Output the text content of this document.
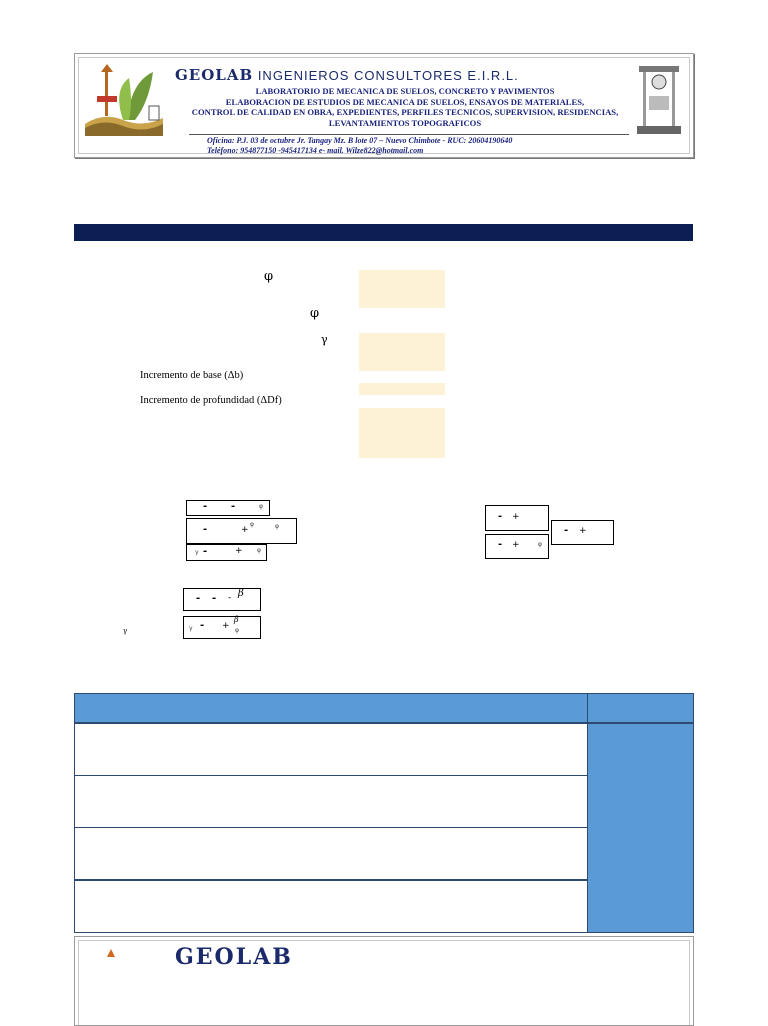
GEOLAB INGENIEROS CONSULTORES E.I.R.L.
LABORATORIO DE MECANICA DE SUELOS, CONCRETO Y PAVIMENTOS
ELABORACION DE ESTUDIOS DE MECANICA DE SUELOS, ENSAYOS DE MATERIALES,
CONTROL DE CALIDAD EN OBRA, EXPEDIENTES, PERFILES TECNICOS, SUPERVISION, RESIDENCIAS,
LEVANTAMIENTOS TOPOGRAFICOS
Oficina: P.J. 03 de octubre Jr. Tangay Mz. B lote 07 – Nuevo Chimbote - RUC: 20604190640
Teléfono: 954877150 -945417134 e- mail. Wilze822@hotmail.com
φ
φ
γ
Incremento de base (Δb)
Incremento de profundidad (ΔDf)
- -	φ
-	+
φ	φ
γ -	+ φ
- +
- +	φ
- +
- - - β
γ - +
β
φ
γ
GEOLAB
